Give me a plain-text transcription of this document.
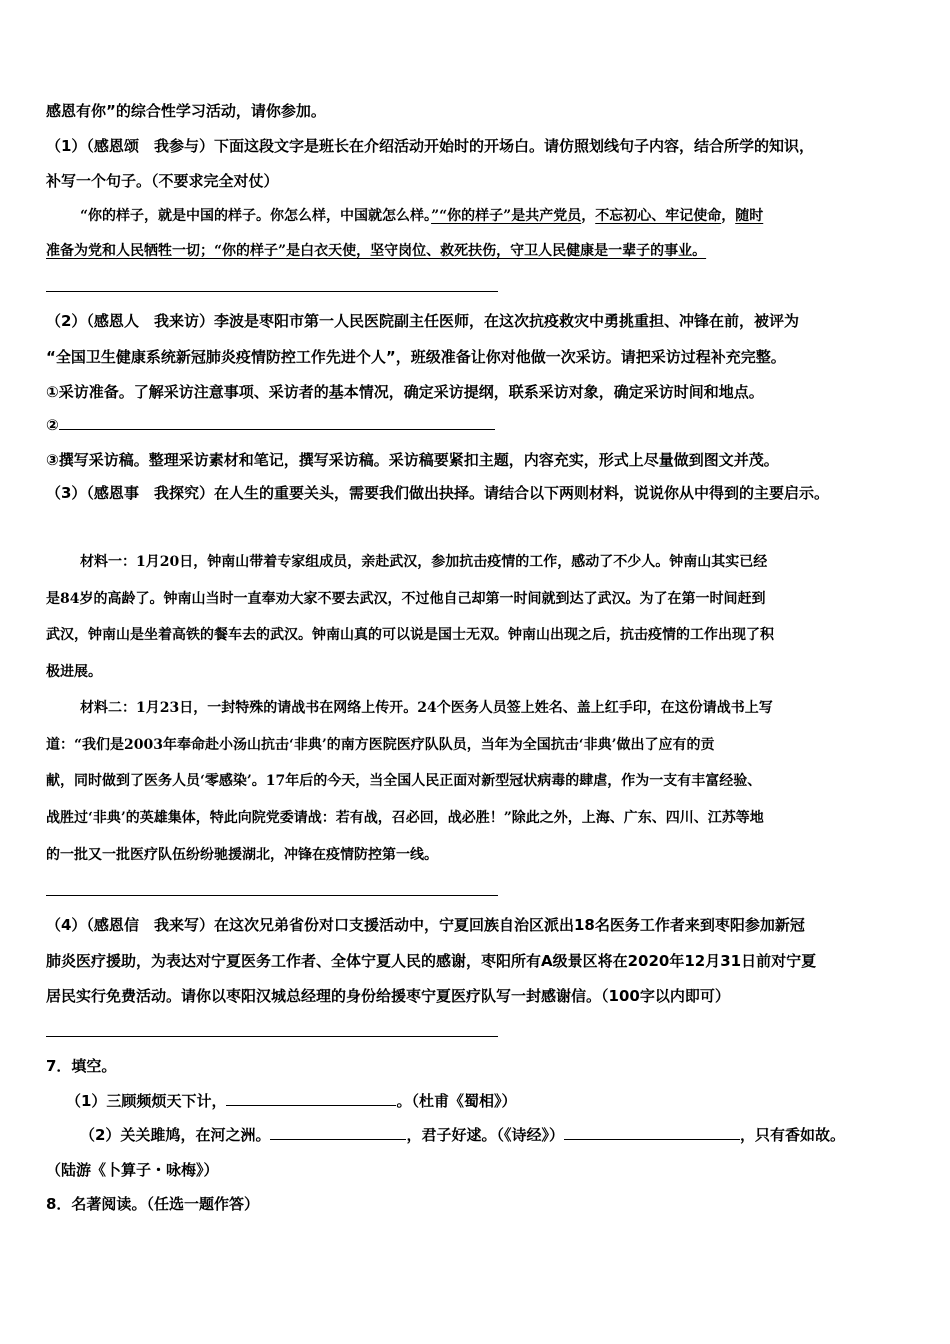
感恩有你”的综合性学习活动，请你参加。
（1）（感恩颂　我参与）下面这段文字是班长在介绍活动开始时的开场白。请仿照划线句子内容，结合所学的知识，
补写一个句子。（不要求完全对仗）
“你的样子，就是中国的样子。你怎么样，中国就怎么样。”“你的样子”是共产党员，不忘初心、牢记使命，随时
准备为党和人民牺牲一切；“你的样子”是白衣天使，坚守岗位、救死扶伤，守卫人民健康是一辈子的事业。
（2）（感恩人　我来访）李波是枣阳市第一人民医院副主任医师，在这次抗疫救灾中勇挑重担、冲锋在前，被评为
“全国卫生健康系统新冠肺炎疫情防控工作先进个人”，班级准备让你对他做一次采访。请把采访过程补充完整。
①采访准备。了解采访注意事项、采访者的基本情况，确定采访提纲，联系采访对象，确定采访时间和地点。
②
③撰写采访稿。整理采访素材和笔记，撰写采访稿。采访稿要紧扣主题，内容充实，形式上尽量做到图文并茂。
（3）（感恩事　我探究）在人生的重要关头，需要我们做出抉择。请结合以下两则材料，说说你从中得到的主要启示。
材料一：1月20日，钟南山带着专家组成员，亲赴武汉，参加抗击疫情的工作，感动了不少人。钟南山其实已经
是84岁的高龄了。钟南山当时一直奉劝大家不要去武汉，不过他自己却第一时间就到达了武汉。为了在第一时间赶到
武汉，钟南山是坐着高铁的餐车去的武汉。钟南山真的可以说是国士无双。钟南山出现之后，抗击疫情的工作出现了积
极进展。
材料二：1月23日，一封特殊的请战书在网络上传开。24个医务人员签上姓名、盖上红手印，在这份请战书上写
道：“我们是2003年奉命赴小汤山抗击‘非典’的南方医院医疗队队员，当年为全国抗击‘非典’做出了应有的贡
献，同时做到了医务人员‘零感染’。17年后的今天，当全国人民正面对新型冠状病毒的肆虐，作为一支有丰富经验、
战胜过‘非典’的英雄集体，特此向院党委请战：若有战，召必回，战必胜！”除此之外，上海、广东、四川、江苏等地
的一批又一批医疗队伍纷纷驰援湖北，冲锋在疫情防控第一线。
（4）（感恩信　我来写）在这次兄弟省份对口支援活动中，宁夏回族自治区派出18名医务工作者来到枣阳参加新冠
肺炎医疗援助，为表达对宁夏医务工作者、全体宁夏人民的感谢，枣阳所有A级景区将在2020年12月31日前对宁夏
居民实行免费活动。请你以枣阳汉城总经理的身份给援枣宁夏医疗队写一封感谢信。（100字以内即可）
7．填空。
（1）三顾频烦天下计，	。（杜甫《蜀相》）
（2）关关雎鸠，在河之洲。	，君子好逑。（《诗经》）	，只有香如故。
（陆游《卜算子・咏梅》）
8．名著阅读。（任选一题作答）
